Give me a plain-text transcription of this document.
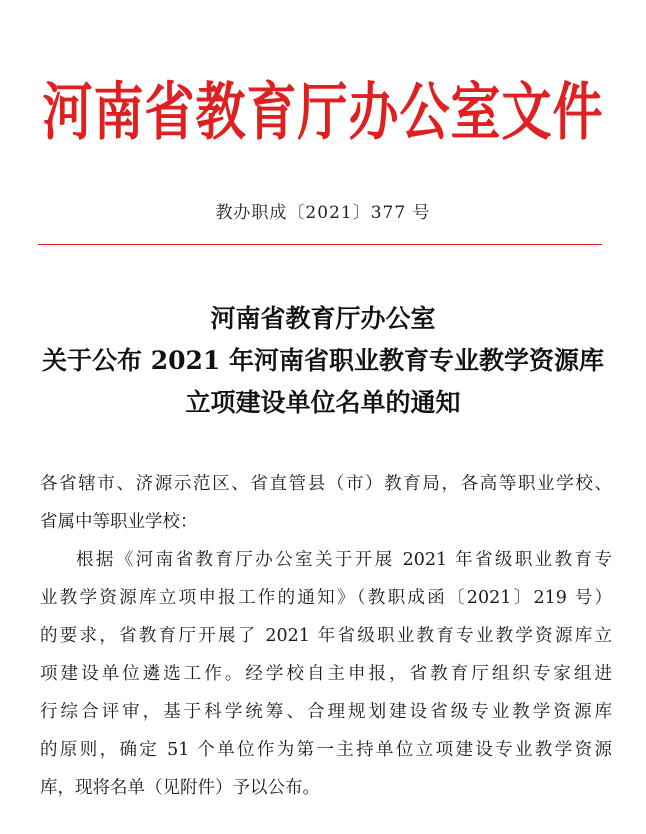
河南省教育厅办公室文件
教办职成〔2021〕377 号
河南省教育厅办公室
关于公布 2021 年河南省职业教育专业教学资源库
立项建设单位名单的通知
各省辖市、济源示范区、省直管县（市）教育局，各高等职业学校、
省属中等职业学校：
根据《河南省教育厅办公室关于开展 2021 年省级职业教育专
业教学资源库立项申报工作的通知》（教职成函〔2021〕219 号）
的要求，省教育厅开展了 2021 年省级职业教育专业教学资源库立
项建设单位遴选工作。经学校自主申报，省教育厅组织专家组进
行综合评审，基于科学统筹、合理规划建设省级专业教学资源库
的原则，确定 51 个单位作为第一主持单位立项建设专业教学资源
库，现将名单（见附件）予以公布。
